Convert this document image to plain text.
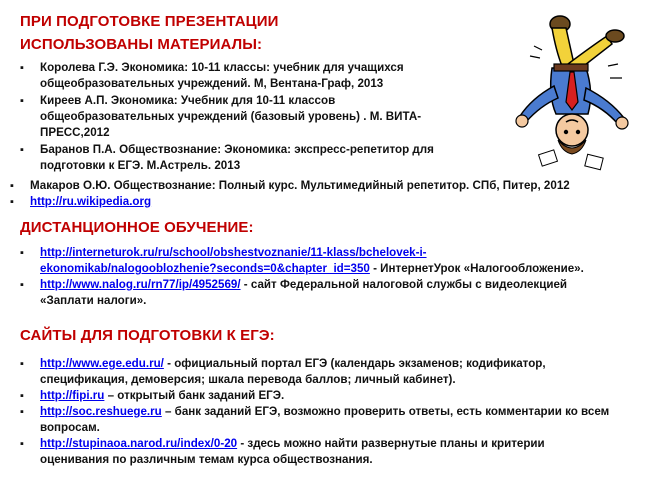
ПРИ ПОДГОТОВКЕ ПРЕЗЕНТАЦИИ
ИСПОЛЬЗОВАНЫ МАТЕРИАЛЫ:
▪ Королева Г.Э. Экономика: 10-11 классы: учебник для учащихся
общеобразовательных учреждений. М, Вентана-Граф, 2013
▪ Киреев А.П. Экономика: Учебник для 10-11 классов
общеобразовательных учреждений (базовый уровень) . М. ВИТА-
ПРЕСС,2012
▪ Баранов П.А. Обществознание: Экономика: экспресс-репетитор для
подготовки к ЕГЭ. М.Астрель. 2013
▪ Макаров О.Ю. Обществознание: Полный курс. Мультимедийный репетитор. СПб, Питер, 2012
▪ http://ru.wikipedia.org
ДИСТАНЦИОННОЕ ОБУЧЕНИЕ:
▪ http://interneturok.ru/ru/school/obshestvoznanie/11-klass/bchelovek-i-
ekonomikab/nalogooblozhenie?seconds=0&chapter_id=350 - ИнтернетУрок «Налогообложение».
▪ http://www.nalog.ru/rn77/ip/4952569/ - сайт Федеральной налоговой службы с видеолекцией
«Заплати налоги».
САЙТЫ ДЛЯ ПОДГОТОВКИ К ЕГЭ:
▪ http://www.ege.edu.ru/ - официальный портал ЕГЭ (календарь экзаменов; кодификатор,
спецификация, демоверсия; шкала перевода баллов; личный кабинет).
▪ http://fipi.ru – открытый банк заданий ЕГЭ.
▪ http://soc.reshuege.ru – банк заданий ЕГЭ, возможно проверить ответы, есть комментарии ко всем
вопросам.
▪ http://stupinaoa.narod.ru/index/0-20 - здесь можно найти развернутые планы и критерии
оценивания по различным темам курса обществознания.
